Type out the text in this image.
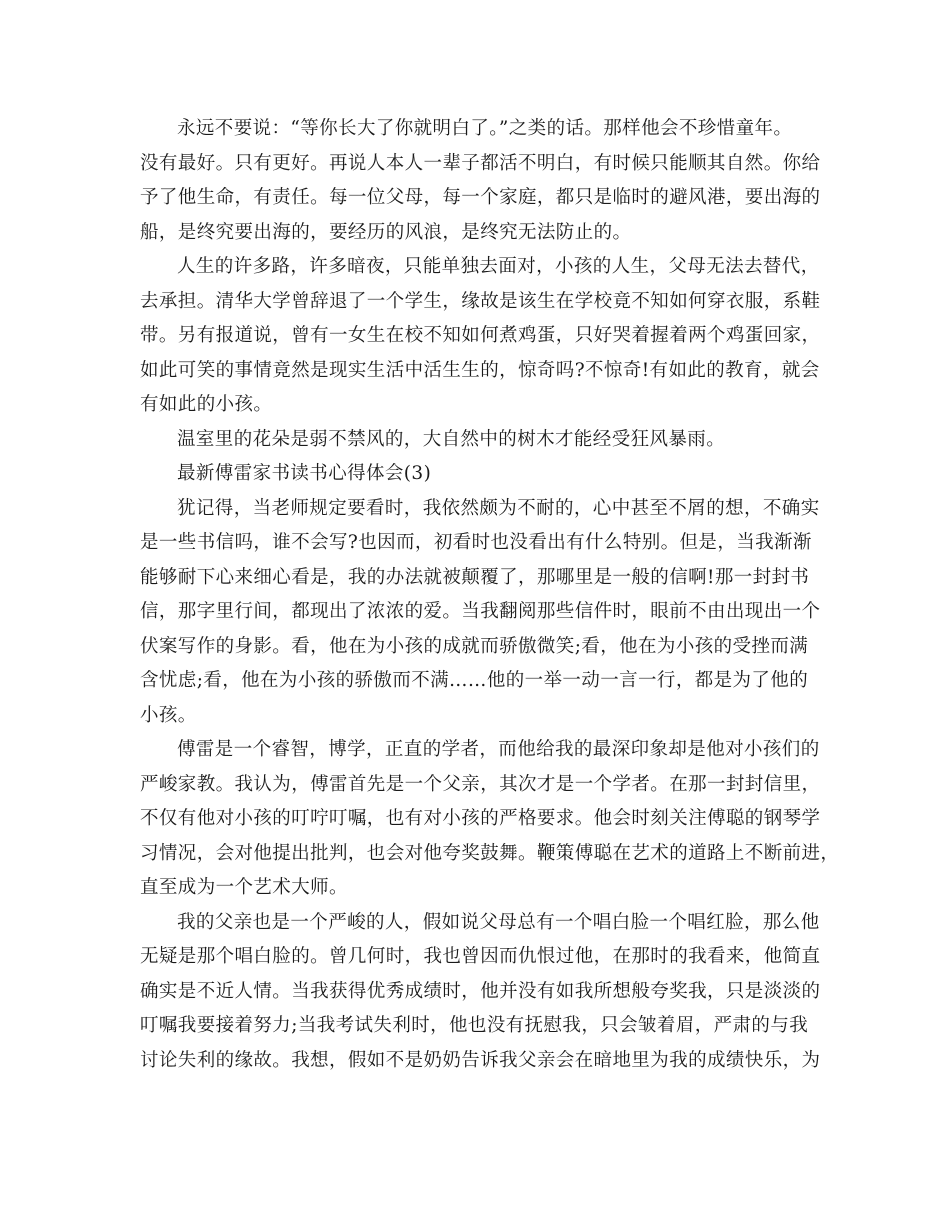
永远不要说：“等你长大了你就明白了。”之类的话。那样他会不珍惜童年。
没有最好。只有更好。再说人本人一辈子都活不明白，有时候只能顺其自然。你给
予了他生命，有责任。每一位父母，每一个家庭，都只是临时的避风港，要出海的
船，是终究要出海的，要经历的风浪，是终究无法防止的。

人生的许多路，许多暗夜，只能单独去面对，小孩的人生，父母无法去替代，
去承担。清华大学曾辞退了一个学生，缘故是该生在学校竟不知如何穿衣服，系鞋
带。另有报道说，曾有一女生在校不知如何煮鸡蛋，只好哭着握着两个鸡蛋回家，
如此可笑的事情竟然是现实生活中活生生的，惊奇吗?不惊奇!有如此的教育，就会
有如此的小孩。

温室里的花朵是弱不禁风的，大自然中的树木才能经受狂风暴雨。

最新傅雷家书读书心得体会(3)

犹记得，当老师规定要看时，我依然颇为不耐的，心中甚至不屑的想，不确实
是一些书信吗，谁不会写?也因而，初看时也没看出有什么特别。但是，当我渐渐
能够耐下心来细心看是，我的办法就被颠覆了，那哪里是一般的信啊!那一封封书
信，那字里行间，都现出了浓浓的爱。当我翻阅那些信件时，眼前不由出现出一个
伏案写作的身影。看，他在为小孩的成就而骄傲微笑;看，他在为小孩的受挫而满
含忧虑;看，他在为小孩的骄傲而不满……他的一举一动一言一行，都是为了他的
小孩。

傅雷是一个睿智，博学，正直的学者，而他给我的最深印象却是他对小孩们的
严峻家教。我认为，傅雷首先是一个父亲，其次才是一个学者。在那一封封信里，
不仅有他对小孩的叮咛叮嘱，也有对小孩的严格要求。他会时刻关注傅聪的钢琴学
习情况，会对他提出批判，也会对他夸奖鼓舞。鞭策傅聪在艺术的道路上不断前进，
直至成为一个艺术大师。

我的父亲也是一个严峻的人，假如说父母总有一个唱白脸一个唱红脸，那么他
无疑是那个唱白脸的。曾几何时，我也曾因而仇恨过他，在那时的我看来，他简直
确实是不近人情。当我获得优秀成绩时，他并没有如我所想般夸奖我，只是淡淡的
叮嘱我要接着努力;当我考试失利时，他也没有抚慰我，只会皱着眉，严肃的与我
讨论失利的缘故。我想，假如不是奶奶告诉我父亲会在暗地里为我的成绩快乐，为
